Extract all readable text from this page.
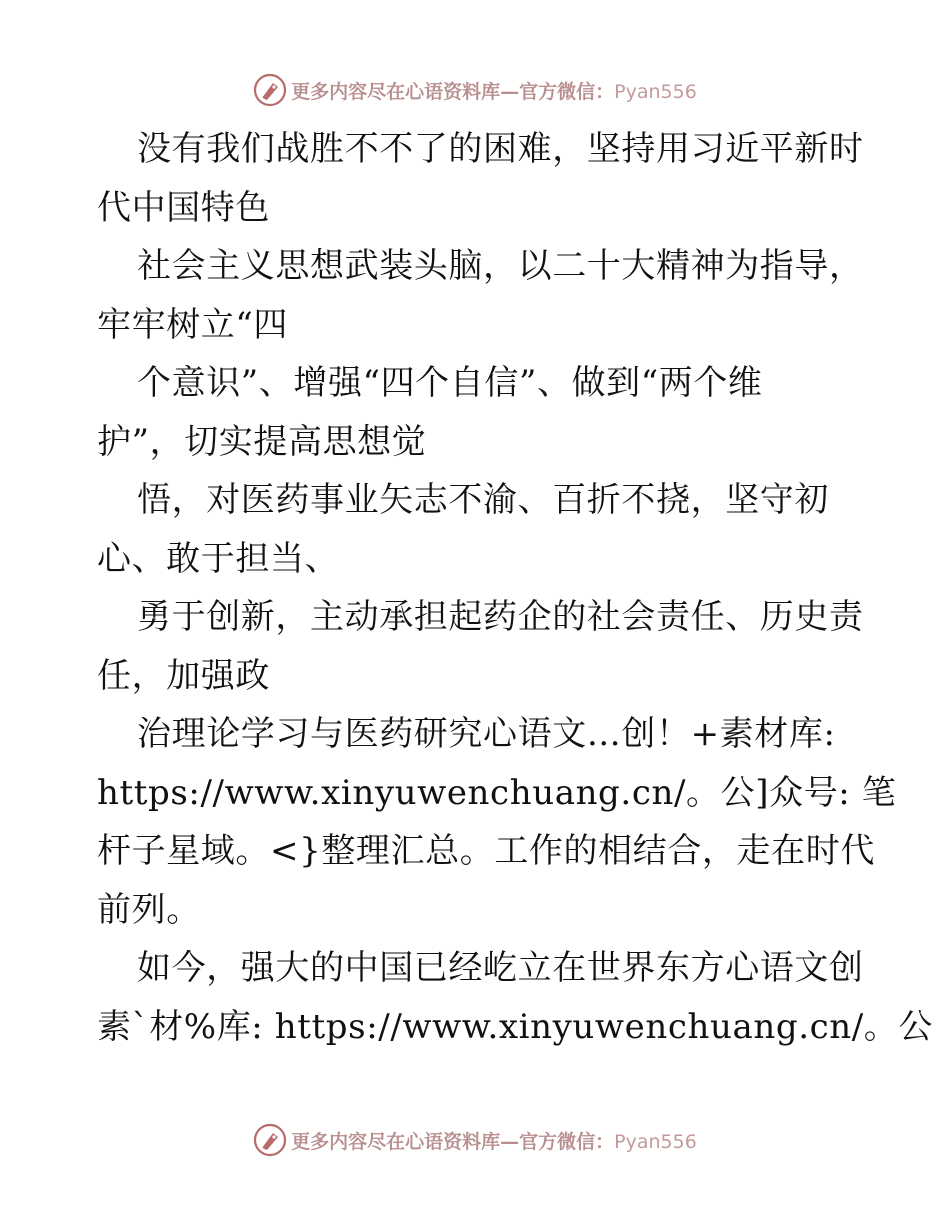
更多内容尽在心语资料库—官方微信：Pyan556
没有我们战胜不不了的困难，坚持用习近平新时
代中国特色
社会主义思想武装头脑，以二十大精神为指导，
牢牢树立“四
个意识”、增强“四个自信”、做到“两个维
护”，切实提高思想觉
悟，对医药事业矢志不渝、百折不挠，坚守初
心、敢于担当、
勇于创新，主动承担起药企的社会责任、历史责
任，加强政
治理论学习与医药研究心语文…创！+素材库:
https://www.xinyuwenchuang.cn/。公]众号: 笔
杆子星域。<}整理汇总。工作的相结合，走在时代
前列。
如今，强大的中国已经屹立在世界东方心语文创
素`材%库: https://www.xinyuwenchuang.cn/。公
更多内容尽在心语资料库—官方微信：Pyan556
